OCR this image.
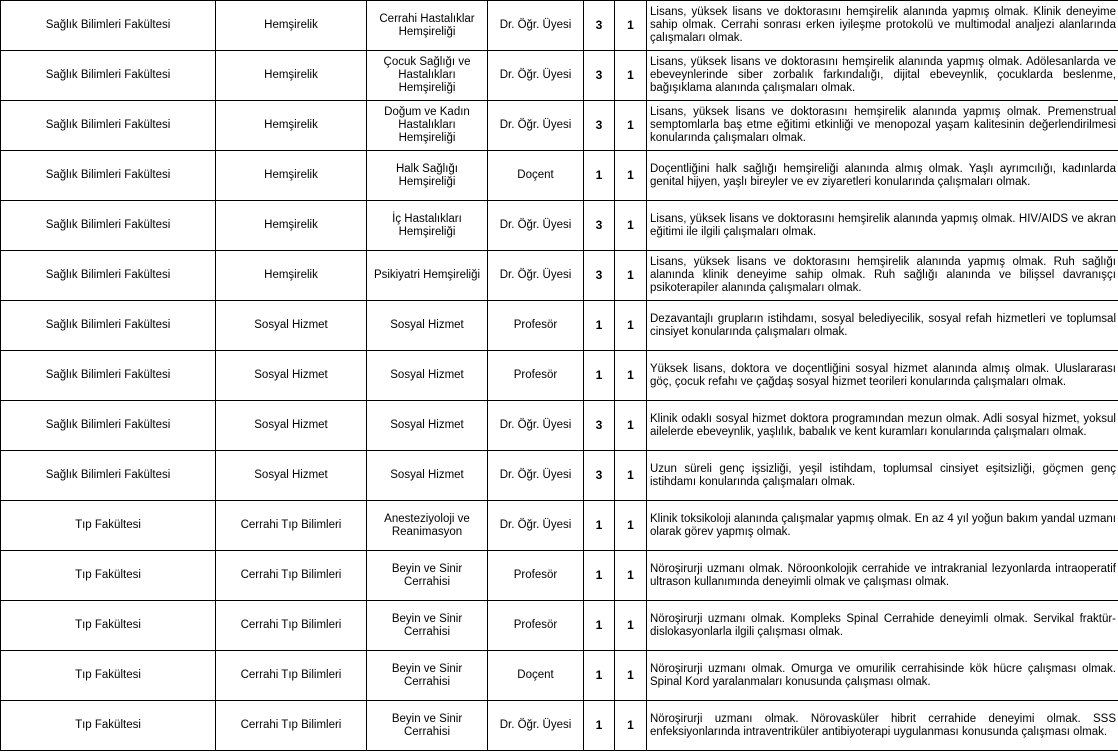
Sağlık Bilimleri Fakültesi	Hemşirelik	Cerrahi Hastalıklar Hemşireliği	Dr. Öğr. Üyesi	3	1	Lisans, yüksek lisans ve doktorasını hemşirelik alanında yapmış olmak. Klinik deneyime sahip olmak. Cerrahi sonrası erken iyileşme protokolü ve multimodal analjezi alanlarında çalışmaları olmak.
Sağlık Bilimleri Fakültesi	Hemşirelik	Çocuk Sağlığı ve Hastalıkları Hemşireliği	Dr. Öğr. Üyesi	3	1	Lisans, yüksek lisans ve doktorasını hemşirelik alanında yapmış olmak. Adölesanlarda ve ebeveynlerinde siber zorbalık farkındalığı, dijital ebeveynlik, çocuklarda beslenme, bağışıklama alanında çalışmaları olmak.
Sağlık Bilimleri Fakültesi	Hemşirelik	Doğum ve Kadın Hastalıkları Hemşireliği	Dr. Öğr. Üyesi	3	1	Lisans, yüksek lisans ve doktorasını hemşirelik alanında yapmış olmak. Premenstrual semptomlarla baş etme eğitimi etkinliği ve menopozal yaşam kalitesinin değerlendirilmesi konularında çalışmaları olmak.
Sağlık Bilimleri Fakültesi	Hemşirelik	Halk Sağlığı Hemşireliği	Doçent	1	1	Doçentliğini halk sağlığı hemşireliği alanında almış olmak. Yaşlı ayrımcılığı, kadınlarda genital hijyen, yaşlı bireyler ve ev ziyaretleri konularında çalışmaları olmak.
Sağlık Bilimleri Fakültesi	Hemşirelik	İç Hastalıkları Hemşireliği	Dr. Öğr. Üyesi	3	1	Lisans, yüksek lisans ve doktorasını hemşirelik alanında yapmış olmak. HIV/AIDS ve akran eğitimi ile ilgili çalışmaları olmak.
Sağlık Bilimleri Fakültesi	Hemşirelik	Psikiyatri Hemşireliği	Dr. Öğr. Üyesi	3	1	Lisans, yüksek lisans ve doktorasını hemşirelik alanında yapmış olmak. Ruh sağlığı alanında klinik deneyime sahip olmak. Ruh sağlığı alanında ve bilişsel davranışçı psikoterapiler alanında çalışmaları olmak.
Sağlık Bilimleri Fakültesi	Sosyal Hizmet	Sosyal Hizmet	Profesör	1	1	Dezavantajlı grupların istihdamı, sosyal belediyecilik, sosyal refah hizmetleri ve toplumsal cinsiyet konularında çalışmaları olmak.
Sağlık Bilimleri Fakültesi	Sosyal Hizmet	Sosyal Hizmet	Profesör	1	1	Yüksek lisans, doktora ve doçentliğini sosyal hizmet alanında almış olmak. Uluslararası göç, çocuk refahı ve çağdaş sosyal hizmet teorileri konularında çalışmaları olmak.
Sağlık Bilimleri Fakültesi	Sosyal Hizmet	Sosyal Hizmet	Dr. Öğr. Üyesi	3	1	Klinik odaklı sosyal hizmet doktora programından mezun olmak. Adli sosyal hizmet, yoksul ailelerde ebeveynlik, yaşlılık, babalık ve kent kuramları konularında çalışmaları olmak.
Sağlık Bilimleri Fakültesi	Sosyal Hizmet	Sosyal Hizmet	Dr. Öğr. Üyesi	3	1	Uzun süreli genç işsizliği, yeşil istihdam, toplumsal cinsiyet eşitsizliği, göçmen genç istihdamı konularında çalışmaları olmak.
Tıp Fakültesi	Cerrahi Tıp Bilimleri	Anesteziyoloji ve Reanimasyon	Dr. Öğr. Üyesi	1	1	Klinik toksikoloji alanında çalışmalar yapmış olmak. En az 4 yıl yoğun bakım yandal uzmanı olarak görev yapmış olmak.
Tıp Fakültesi	Cerrahi Tıp Bilimleri	Beyin ve Sinir Cerrahisi	Profesör	1	1	Nöroşirurji uzmanı olmak. Nöroonkolojik cerrahide ve intrakranial lezyonlarda intraoperatif ultrason kullanımında deneyimli olmak ve çalışması olmak.
Tıp Fakültesi	Cerrahi Tıp Bilimleri	Beyin ve Sinir Cerrahisi	Profesör	1	1	Nöroşirurji uzmanı olmak. Kompleks Spinal Cerrahide deneyimli olmak. Servikal fraktür-dislokasyonlarla ilgili çalışması olmak.
Tıp Fakültesi	Cerrahi Tıp Bilimleri	Beyin ve Sinir Cerrahisi	Doçent	1	1	Nöroşirurji uzmanı olmak. Omurga ve omurilik cerrahisinde kök hücre çalışması olmak. Spinal Kord yaralanmaları konusunda çalışması olmak.
Tıp Fakültesi	Cerrahi Tıp Bilimleri	Beyin ve Sinir Cerrahisi	Dr. Öğr. Üyesi	1	1	Nöroşirurji uzmanı olmak. Nörovasküler hibrit cerrahide deneyimi olmak. SSS enfeksiyonlarında intraventriküler antibiyoterapi uygulanması konusunda çalışması olmak.
